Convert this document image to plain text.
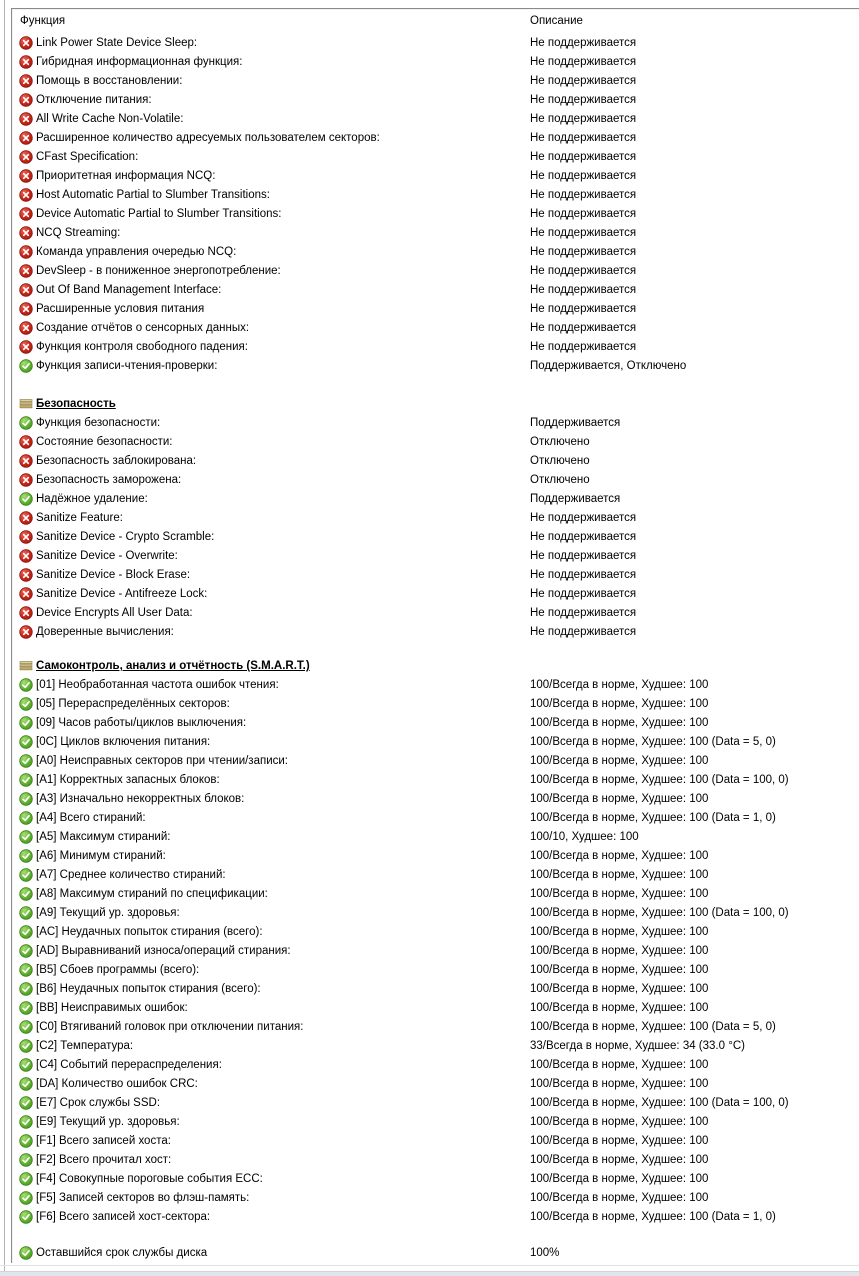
Функция	Описание
Link Power State Device Sleep:	Не поддерживается
Гибридная информационная функция:	Не поддерживается
Помощь в восстановлении:	Не поддерживается
Отключение питания:	Не поддерживается
All Write Cache Non-Volatile:	Не поддерживается
Расширенное количество адресуемых пользователем секторов:	Не поддерживается
CFast Specification:	Не поддерживается
Приоритетная информация NCQ:	Не поддерживается
Host Automatic Partial to Slumber Transitions:	Не поддерживается
Device Automatic Partial to Slumber Transitions:	Не поддерживается
NCQ Streaming:	Не поддерживается
Команда управления очередью NCQ:	Не поддерживается
DevSleep - в пониженное энергопотребление:	Не поддерживается
Out Of Band Management Interface:	Не поддерживается
Расширенные условия питания	Не поддерживается
Создание отчётов о сенсорных данных:	Не поддерживается
Функция контроля свободного падения:	Не поддерживается
Функция записи-чтения-проверки:	Поддерживается, Отключено
Безопасность
Функция безопасности:	Поддерживается
Состояние безопасности:	Отключено
Безопасность заблокирована:	Отключено
Безопасность заморожена:	Отключено
Надёжное удаление:	Поддерживается
Sanitize Feature:	Не поддерживается
Sanitize Device - Crypto Scramble:	Не поддерживается
Sanitize Device - Overwrite:	Не поддерживается
Sanitize Device - Block Erase:	Не поддерживается
Sanitize Device - Antifreeze Lock:	Не поддерживается
Device Encrypts All User Data:	Не поддерживается
Доверенные вычисления:	Не поддерживается
Самоконтроль, анализ и отчётность (S.M.A.R.T.)
[01] Необработанная частота ошибок чтения:	100/Всегда в норме, Худшее: 100
[05] Перераспределённых секторов:	100/Всегда в норме, Худшее: 100
[09] Часов работы/циклов выключения:	100/Всегда в норме, Худшее: 100
[0C] Циклов включения питания:	100/Всегда в норме, Худшее: 100 (Data = 5, 0)
[A0] Неисправных секторов при чтении/записи:	100/Всегда в норме, Худшее: 100
[A1] Корректных запасных блоков:	100/Всегда в норме, Худшее: 100 (Data = 100, 0)
[A3] Изначально некорректных блоков:	100/Всегда в норме, Худшее: 100
[A4] Всего стираний:	100/Всегда в норме, Худшее: 100 (Data = 1, 0)
[A5] Максимум стираний:	100/10, Худшее: 100
[A6] Минимум стираний:	100/Всегда в норме, Худшее: 100
[A7] Среднее количество стираний:	100/Всегда в норме, Худшее: 100
[A8] Максимум стираний по спецификации:	100/Всегда в норме, Худшее: 100
[A9] Текущий ур. здоровья:	100/Всегда в норме, Худшее: 100 (Data = 100, 0)
[AC] Неудачных попыток стирания (всего):	100/Всегда в норме, Худшее: 100
[AD] Выравниваний износа/операций стирания:	100/Всегда в норме, Худшее: 100
[B5] Сбоев программы (всего):	100/Всегда в норме, Худшее: 100
[B6] Неудачных попыток стирания (всего):	100/Всегда в норме, Худшее: 100
[BB] Неисправимых ошибок:	100/Всегда в норме, Худшее: 100
[C0] Втягиваний головок при отключении питания:	100/Всегда в норме, Худшее: 100 (Data = 5, 0)
[C2] Температура:	33/Всегда в норме, Худшее: 34 (33.0 °C)
[C4] Событий перераспределения:	100/Всегда в норме, Худшее: 100
[DA] Количество ошибок CRC:	100/Всегда в норме, Худшее: 100
[E7] Срок службы SSD:	100/Всегда в норме, Худшее: 100 (Data = 100, 0)
[E9] Текущий ур. здоровья:	100/Всегда в норме, Худшее: 100
[F1] Всего записей хоста:	100/Всегда в норме, Худшее: 100
[F2] Всего прочитал хост:	100/Всегда в норме, Худшее: 100
[F4] Совокупные пороговые события ECC:	100/Всегда в норме, Худшее: 100
[F5] Записей секторов во флэш-память:	100/Всегда в норме, Худшее: 100
[F6] Всего записей хост-сектора:	100/Всегда в норме, Худшее: 100 (Data = 1, 0)
Оставшийся срок службы диска	100%
